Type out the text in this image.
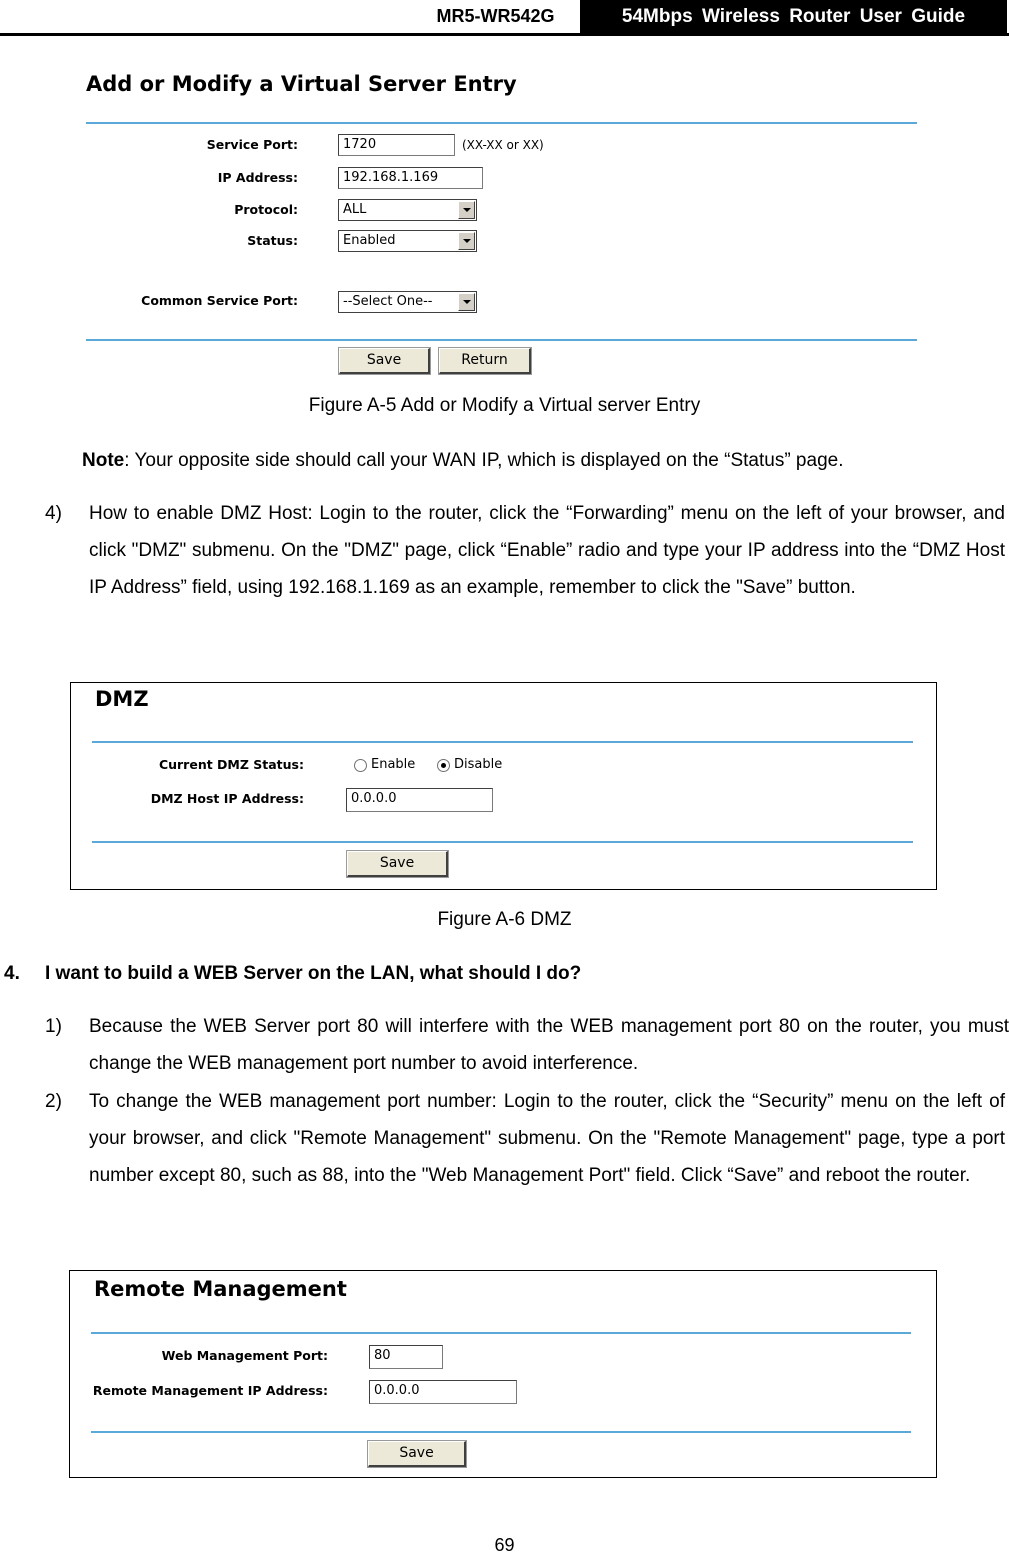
MR5-WR542G	54Mbps Wireless Router User Guide
Add or Modify a Virtual Server Entry
Service Port:	1720	(XX-XX or XX)
IP Address:	192.168.1.169
Protocol:	ALL
Status:	Enabled
Common Service Port:	--Select One--
Save	Return
Figure A-5 Add or Modify a Virtual server Entry
Note: Your opposite side should call your WAN IP, which is displayed on the “Status” page.
4) How to enable DMZ Host: Login to the router, click the “Forwarding” menu on the left of your browser, and click "DMZ" submenu. On the "DMZ" page, click “Enable” radio and type your IP address into the “DMZ Host IP Address” field, using 192.168.1.169 as an example, remember to click the "Save” button.
DMZ
Current DMZ Status:	Enable	Disable
DMZ Host IP Address:	0.0.0.0
Save
Figure A-6 DMZ
4. I want to build a WEB Server on the LAN, what should I do?
1) Because the WEB Server port 80 will interfere with the WEB management port 80 on the router, you must change the WEB management port number to avoid interference.
2) To change the WEB management port number: Login to the router, click the “Security” menu on the left of your browser, and click "Remote Management" submenu. On the "Remote Management" page, type a port number except 80, such as 88, into the "Web Management Port" field. Click “Save” and reboot the router.
Remote Management
Web Management Port:	80
Remote Management IP Address:	0.0.0.0
Save
69
